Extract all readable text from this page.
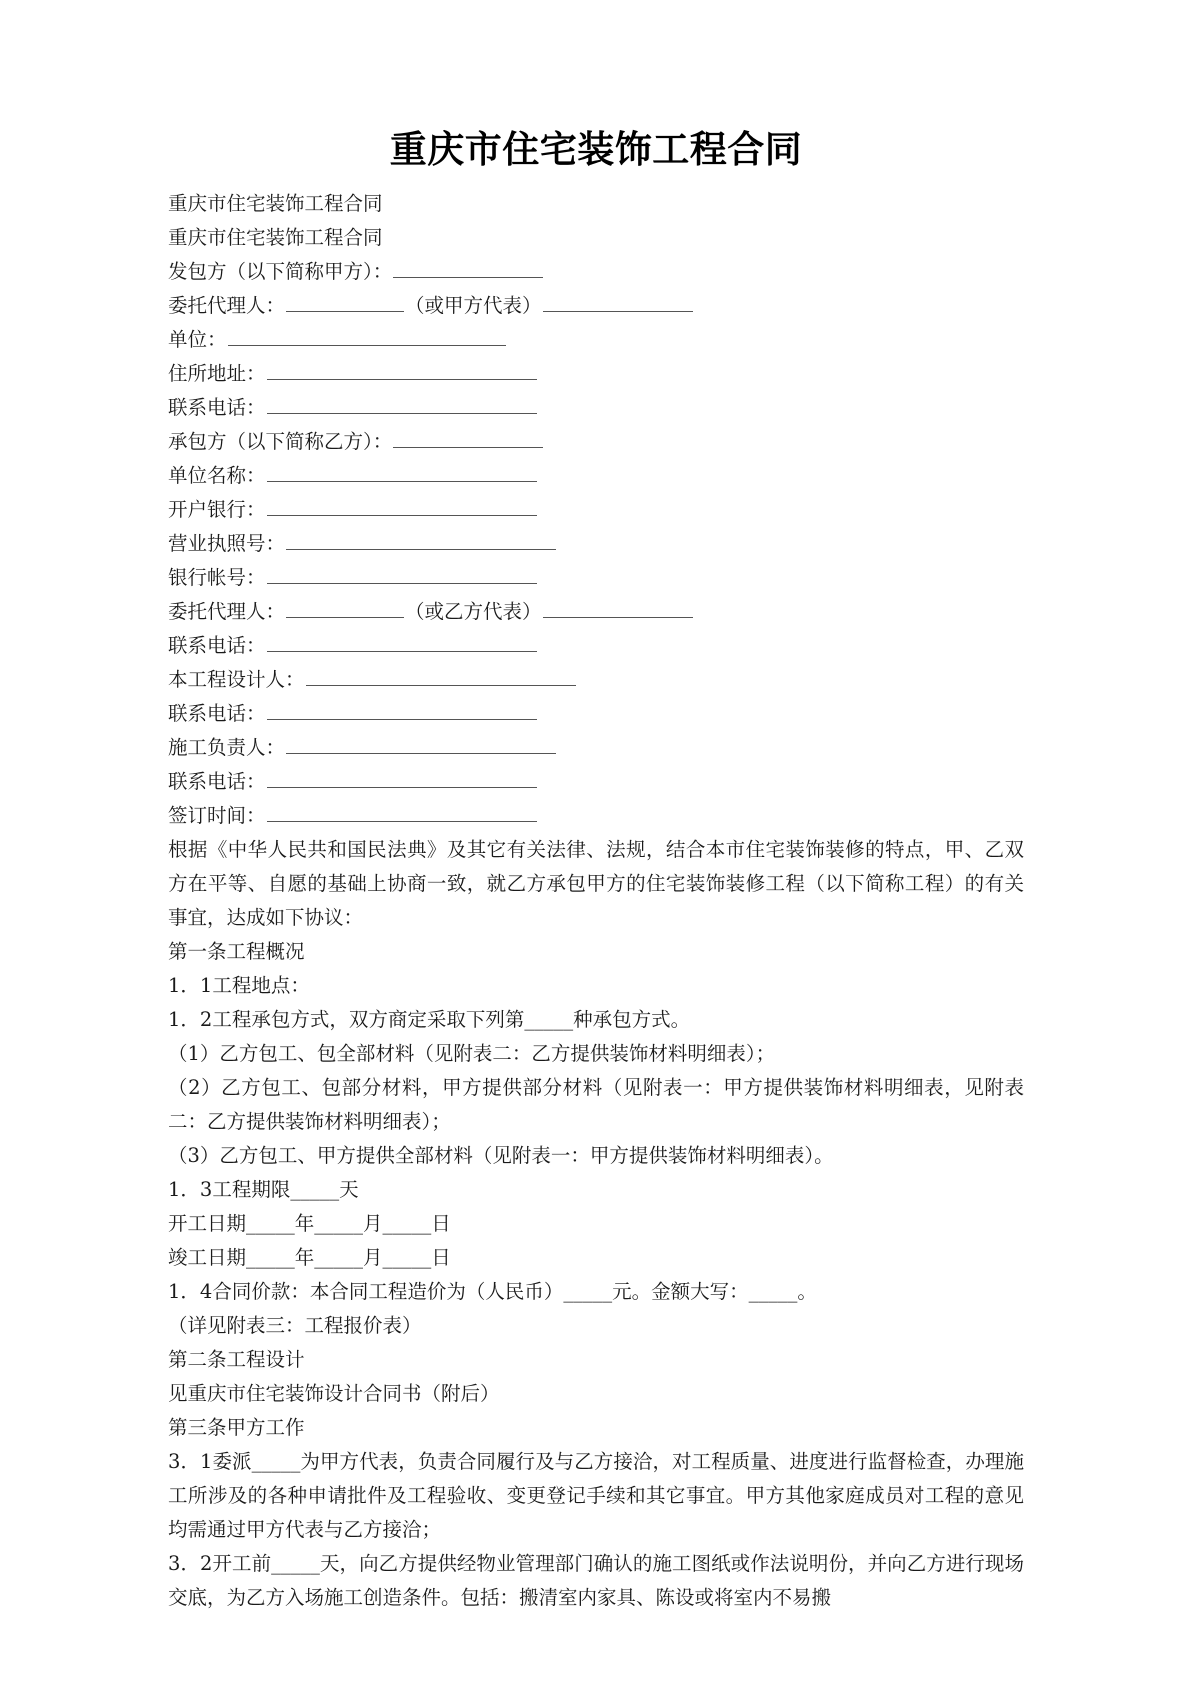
重庆市住宅装饰工程合同

重庆市住宅装饰工程合同

重庆市住宅装饰工程合同

发包方（以下简称甲方）：

委托代理人：	（或甲方代表）

单位：

住所地址：

联系电话：

承包方（以下简称乙方）：

单位名称：

开户银行：

营业执照号：

银行帐号：

委托代理人：	（或乙方代表）

联系电话：

本工程设计人：

联系电话：

施工负责人：

联系电话：

签订时间：

根据《中华人民共和国民法典》及其它有关法律、法规，结合本市住宅装饰装修的特点，甲、乙双方在平等、自愿的基础上协商一致，就乙方承包甲方的住宅装饰装修工程（以下简称工程）的有关事宜，达成如下协议：

第一条工程概况

1．1工程地点：

1．2工程承包方式，双方商定采取下列第_____种承包方式。

（1）乙方包工、包全部材料（见附表二：乙方提供装饰材料明细表）；

（2）乙方包工、包部分材料，甲方提供部分材料（见附表一：甲方提供装饰材料明细表，见附表二：乙方提供装饰材料明细表）；

（3）乙方包工、甲方提供全部材料（见附表一：甲方提供装饰材料明细表）。

1．3工程期限_____天

开工日期_____年_____月_____日

竣工日期_____年_____月_____日

1．4合同价款：本合同工程造价为（人民币）_____元。金额大写：_____。

（详见附表三：工程报价表）

第二条工程设计

见重庆市住宅装饰设计合同书（附后）

第三条甲方工作

3．1委派_____为甲方代表，负责合同履行及与乙方接洽，对工程质量、进度进行监督检查，办理施工所涉及的各种申请批件及工程验收、变更登记手续和其它事宜。甲方其他家庭成员对工程的意见均需通过甲方代表与乙方接洽；

3．2开工前_____天，向乙方提供经物业管理部门确认的施工图纸或作法说明份，并向乙方进行现场交底，为乙方入场施工创造条件。包括：搬清室内家具、陈设或将室内不易搬
